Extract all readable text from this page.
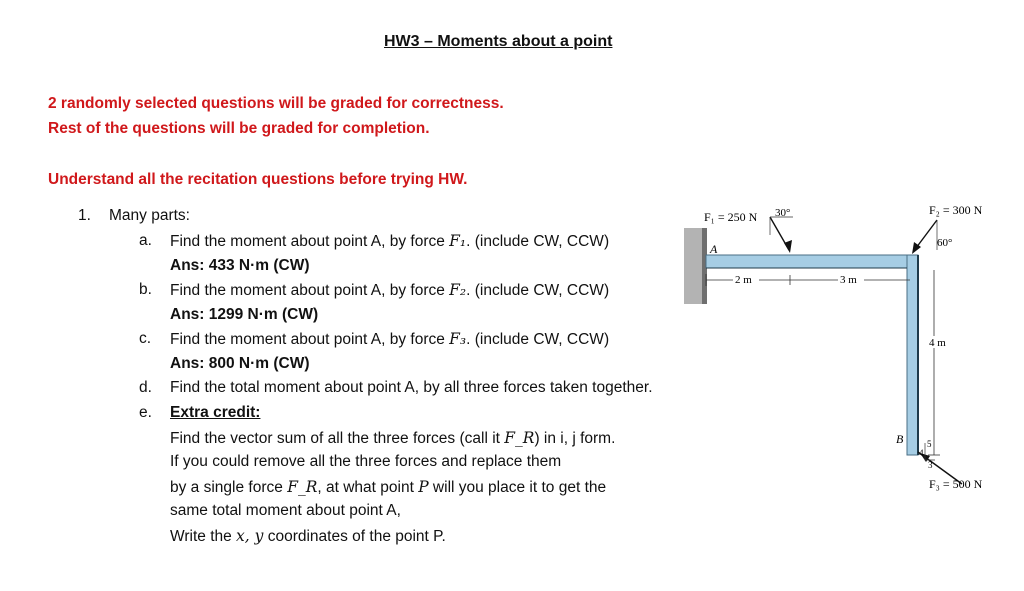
HW3 – Moments about a point
2 randomly selected questions will be graded for correctness.
Rest of the questions will be graded for completion.
Understand all the recitation questions before trying HW.
1. Many parts:
a. Find the moment about point A, by force F₁. (include CW, CCW)
Ans: 433 N·m (CW)
b. Find the moment about point A, by force F₂. (include CW, CCW)
Ans: 1299 N·m (CW)
c. Find the moment about point A, by force F₃. (include CW, CCW)
Ans: 800 N·m (CW)
d. Find the total moment about point A, by all three forces taken together.
e. Extra credit:
Find the vector sum of all the three forces (call it F_R) in i, j form.
If you could remove all the three forces and replace them
by a single force F_R, at what point P will you place it to get the
same total moment about point A,
Write the x, y coordinates of the point P.
A
2 m	3 m
4 m
F₁ = 250 N 30°	F₂ = 300 N
60°
B	5
4
3
F₃ = 500 N
